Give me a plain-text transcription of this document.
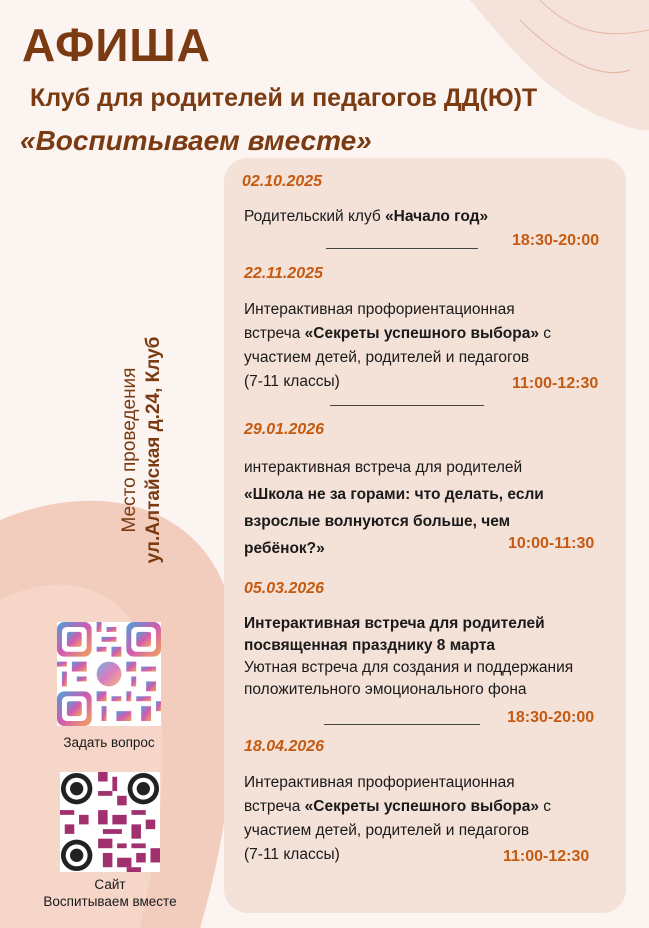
АФИША
Клуб для родителей и педагогов ДД(Ю)Т
«Воспитываем вместе»
Место проведения ул.Алтайская д.24, Клуб
02.10.2025
Родительский клуб «Начало год»
18:30-20:00
22.11.2025
Интерактивная профориентационная
встреча «Секреты успешного выбора» с
участием детей, родителей и педагогов
(7-11 классы)	11:00-12:30
29.01.2026
интерактивная встреча для родителей
«Школа не за горами: что делать, если
взрослые волнуются больше, чем
ребёнок?»	10:00-11:30
05.03.2026
Интерактивная встреча для родителей
посвященная празднику 8 марта
Уютная встреча для создания и поддержания
положительного эмоционального фона
18:30-20:00
18.04.2026
Интерактивная профориентационная
встреча «Секреты успешного выбора» с
участием детей, родителей и педагогов
(7-11 классы)	11:00-12:30
Задать вопрос
Сайт
Воспитываем вместе
